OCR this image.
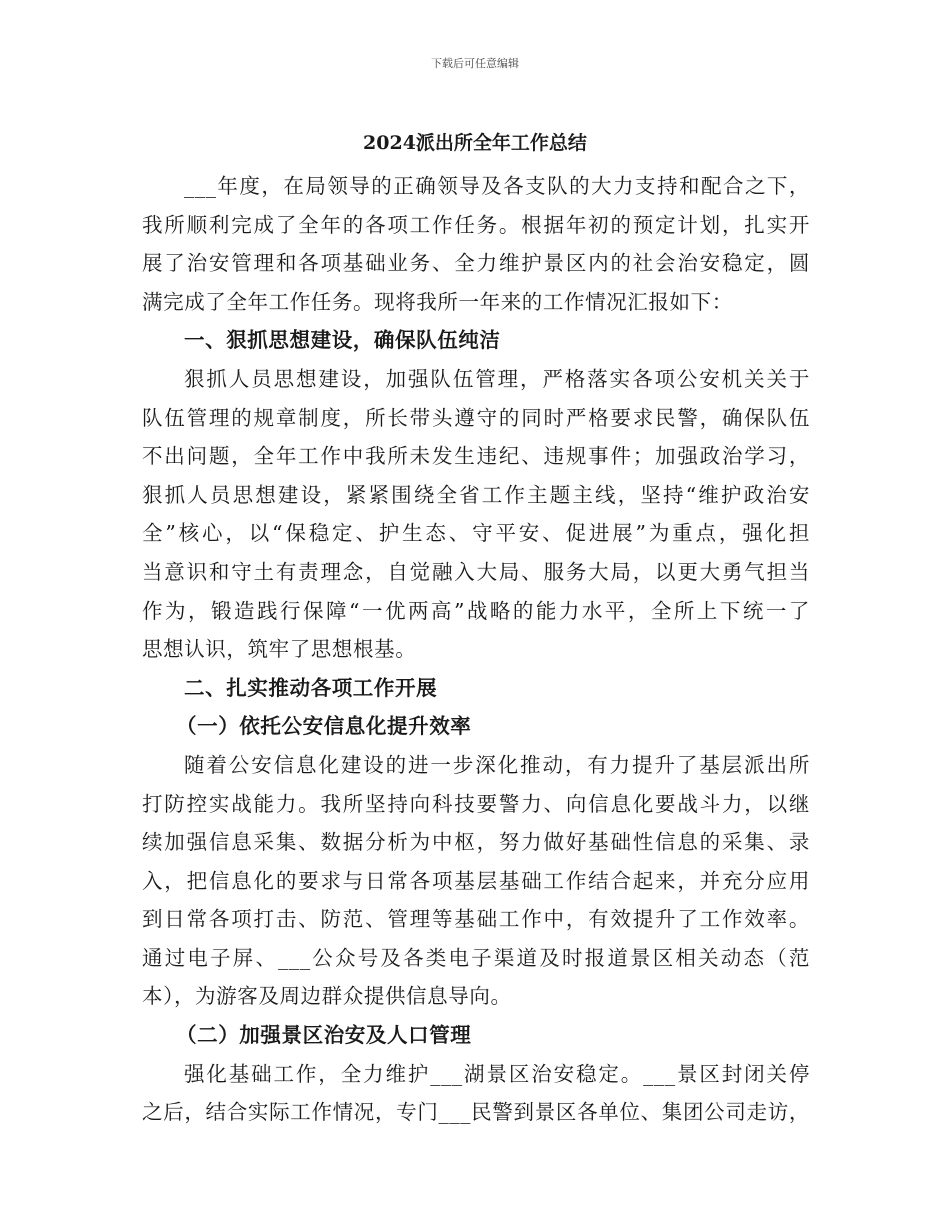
下载后可任意编辑
2024派出所全年工作总结
___年度，在局领导的正确领导及各支队的大力支持和配合之下，
我所顺利完成了全年的各项工作任务。根据年初的预定计划，扎实开
展了治安管理和各项基础业务、全力维护景区内的社会治安稳定，圆
满完成了全年工作任务。现将我所一年来的工作情况汇报如下：
一、狠抓思想建设，确保队伍纯洁
狠抓人员思想建设，加强队伍管理，严格落实各项公安机关关于
队伍管理的规章制度，所长带头遵守的同时严格要求民警，确保队伍
不出问题，全年工作中我所未发生违纪、违规事件；加强政治学习，
狠抓人员思想建设，紧紧围绕全省工作主题主线，坚持“维护政治安
全”核心，以“保稳定、护生态、守平安、促进展”为重点，强化担
当意识和守土有责理念，自觉融入大局、服务大局，以更大勇气担当
作为，锻造践行保障“一优两高”战略的能力水平，全所上下统一了
思想认识，筑牢了思想根基。
二、扎实推动各项工作开展
（一）依托公安信息化提升效率
随着公安信息化建设的进一步深化推动，有力提升了基层派出所
打防控实战能力。我所坚持向科技要警力、向信息化要战斗力，以继
续加强信息采集、数据分析为中枢，努力做好基础性信息的采集、录
入，把信息化的要求与日常各项基层基础工作结合起来，并充分应用
到日常各项打击、防范、管理等基础工作中，有效提升了工作效率。
通过电子屏、___公众号及各类电子渠道及时报道景区相关动态（范
本），为游客及周边群众提供信息导向。
（二）加强景区治安及人口管理
强化基础工作，全力维护___湖景区治安稳定。___景区封闭关停
之后，结合实际工作情况，专门___民警到景区各单位、集团公司走访，
